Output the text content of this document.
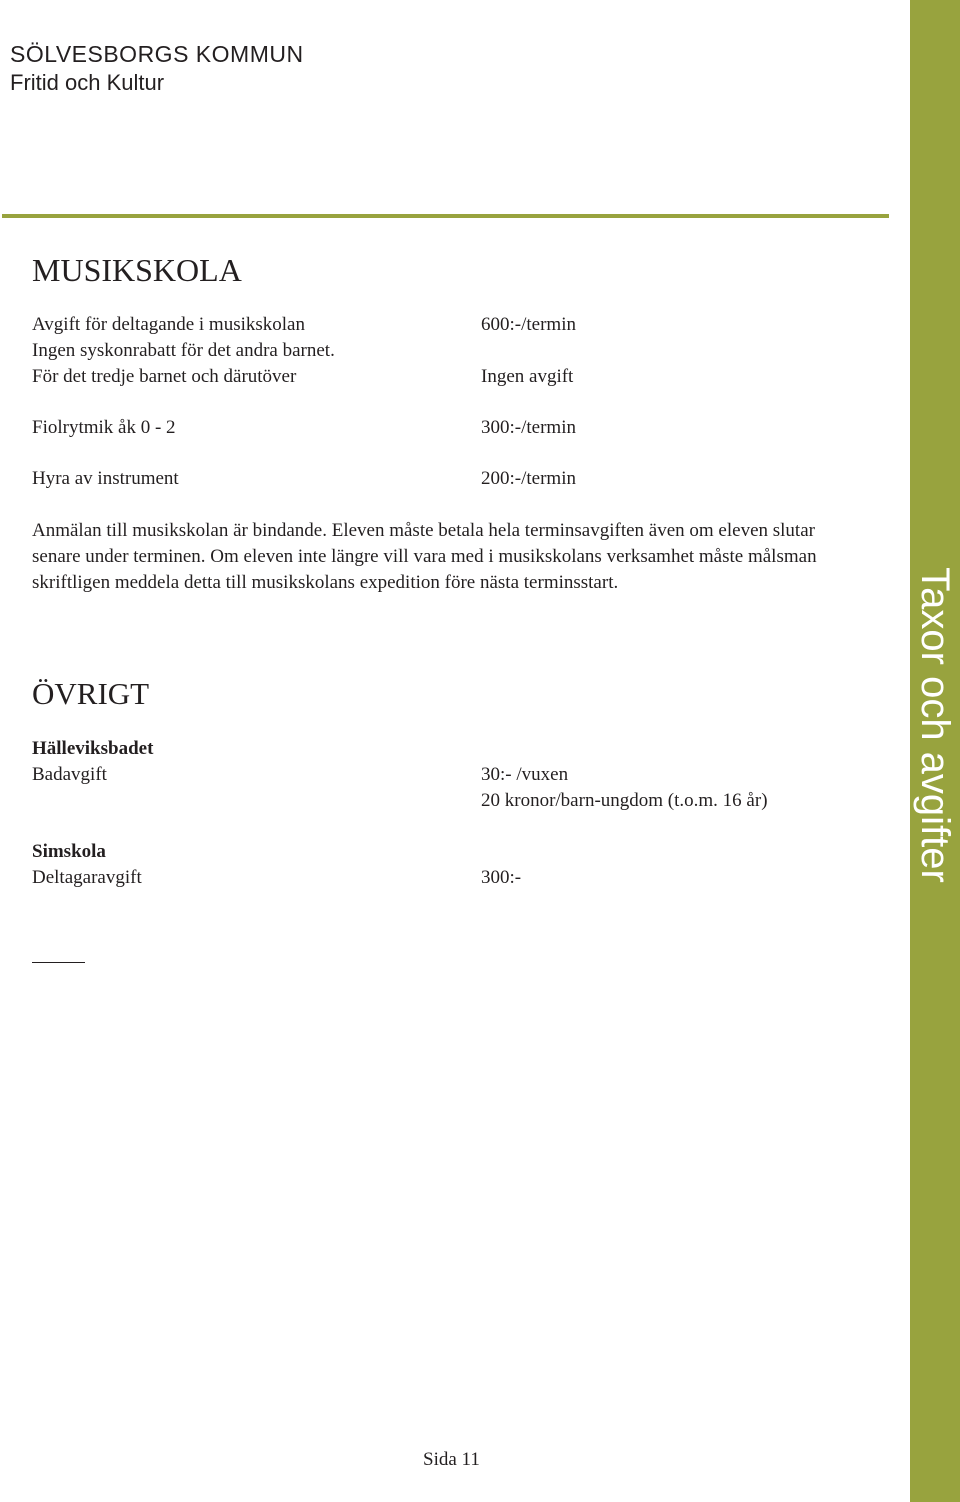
SÖLVESBORGS KOMMUN
Fritid och Kultur
Taxor och avgifter
MUSIKSKOLA
Avgift för deltagande i musikskolan	600:-/termin
Ingen syskonrabatt för det andra barnet.
För det tredje barnet och därutöver	Ingen avgift
Fiolrytmik åk 0 - 2	300:-/termin
Hyra av instrument	200:-/termin
Anmälan till musikskolan är bindande. Eleven måste betala hela terminsavgiften även om eleven slutar senare under terminen. Om eleven inte längre vill vara med i musikskolans verksamhet måste målsman skriftligen meddela detta till musikskolans expedition före nästa terminsstart.
ÖVRIGT
Hälleviksbadet
Badavgift	30:- /vuxen
20 kronor/barn-ungdom (t.o.m. 16 år)
Simskola
Deltagaravgift	300:-
Sida 11
